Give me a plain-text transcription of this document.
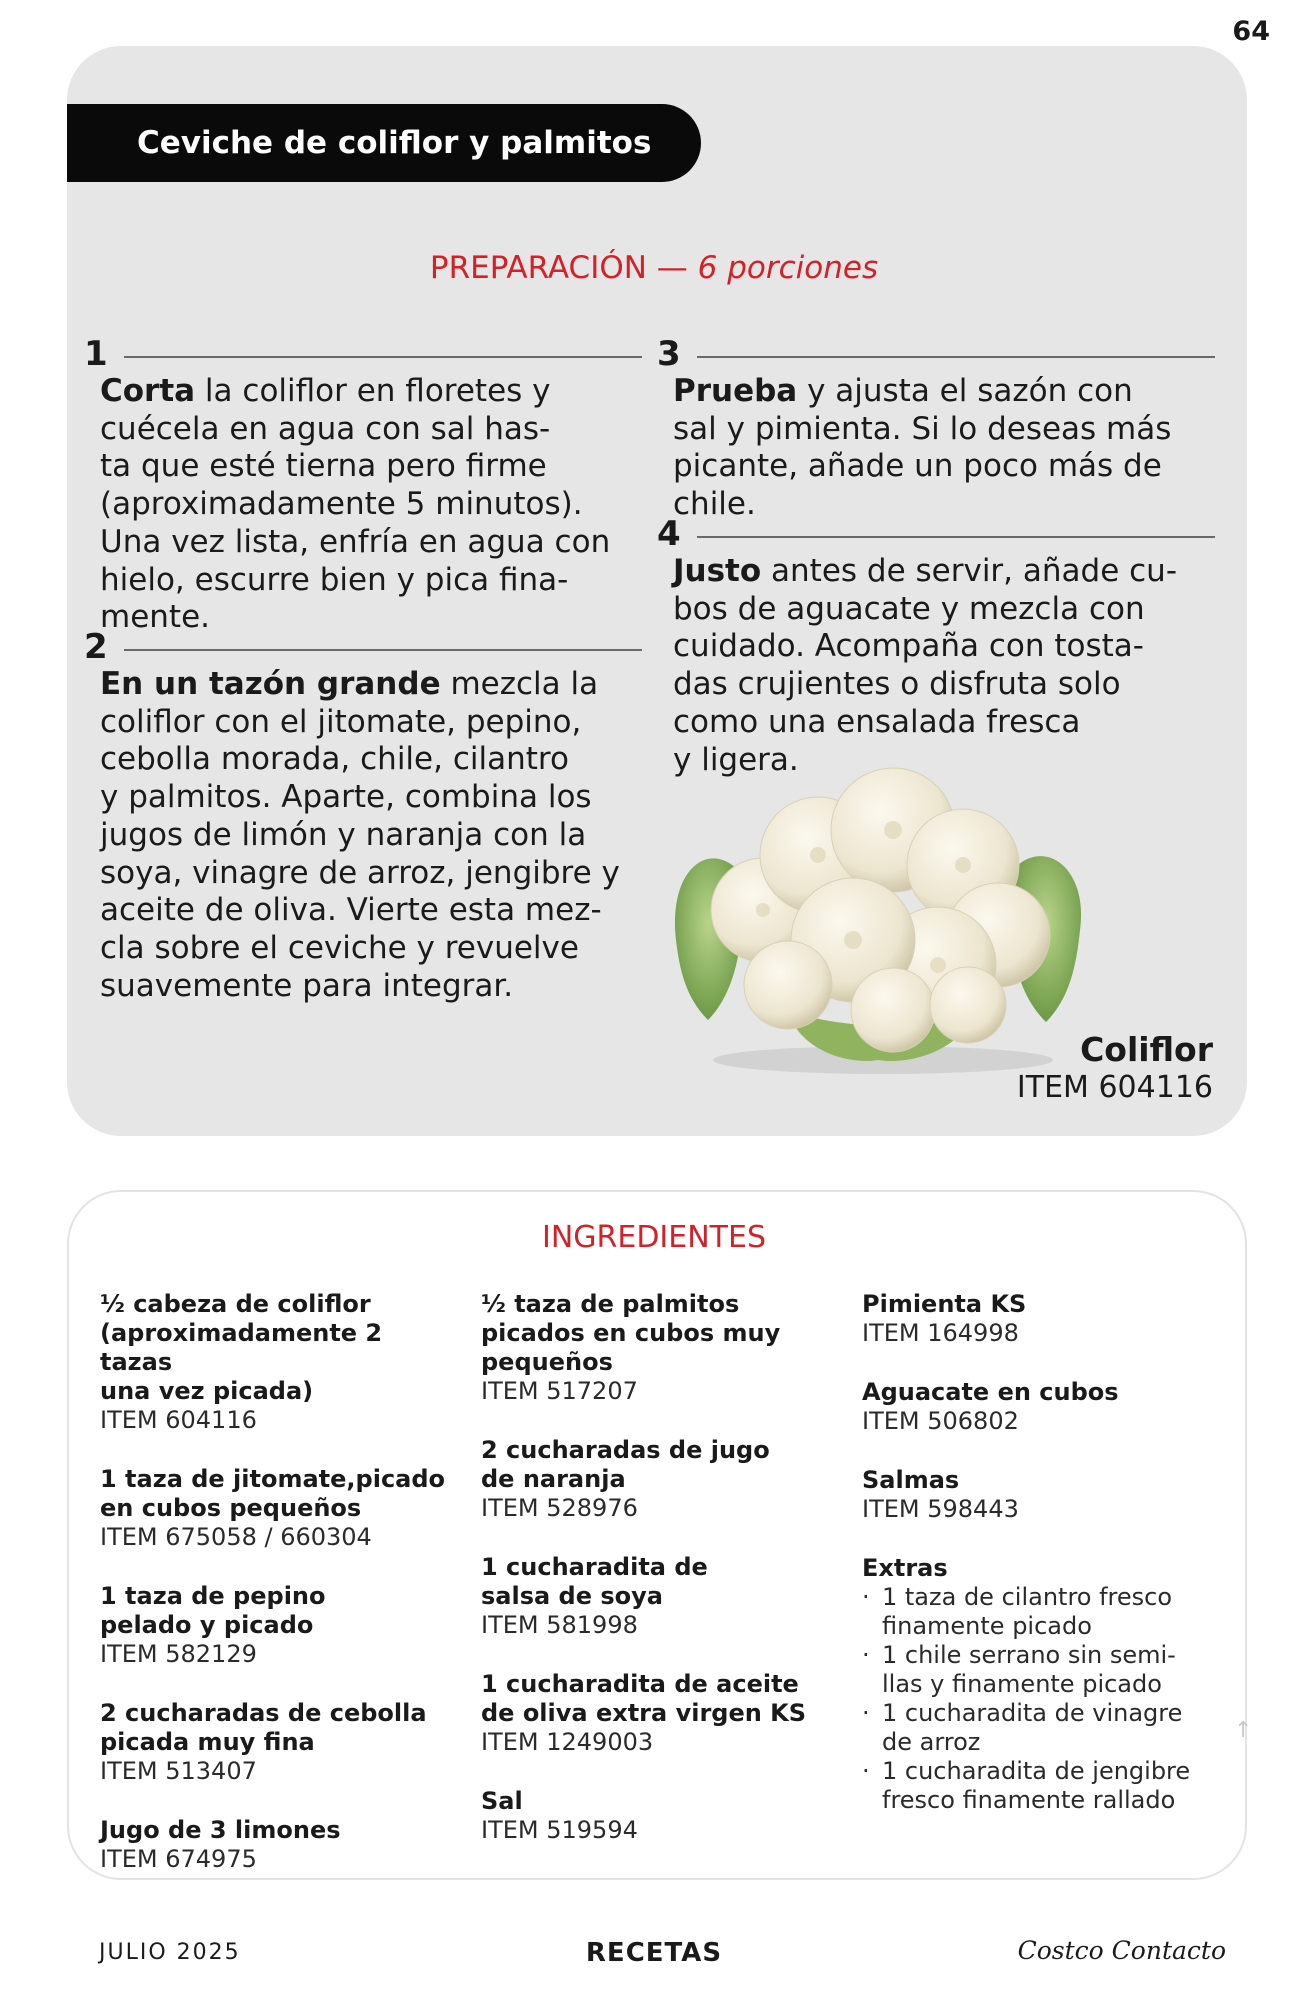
64
Ceviche de coliflor y palmitos
PREPARACIÓN — 6 porciones
1

Corta la coliflor en floretes y
cuécela en agua con sal has-
ta que esté tierna pero firme
(aproximadamente 5 minutos).
Una vez lista, enfría en agua con
hielo, escurre bien y pica fina-
mente.

2

En un tazón grande mezcla la
coliflor con el jitomate, pepino,
cebolla morada, chile, cilantro
y palmitos. Aparte, combina los
jugos de limón y naranja con la
soya, vinagre de arroz, jengibre y
aceite de oliva. Vierte esta mez-
cla sobre el ceviche y revuelve
suavemente para integrar.

3

Prueba y ajusta el sazón con
sal y pimienta. Si lo deseas más
picante, añade un poco más de
chile.

4

Justo antes de servir, añade cu-
bos de aguacate y mezcla con
cuidado. Acompaña con tosta-
das crujientes o disfruta solo
como una ensalada fresca
y ligera.

Coliflor
ITEM 604116
INGREDIENTES
½ cabeza de coliflor
(aproximadamente 2 tazas
una vez picada)
ITEM 604116
1 taza de jitomate,picado
en cubos pequeños
ITEM 675058 / 660304
1 taza de pepino
pelado y picado
ITEM 582129
2 cucharadas de cebolla
picada muy fina
ITEM 513407
Jugo de 3 limones
ITEM 674975
½ taza de palmitos
picados en cubos muy
pequeños
ITEM 517207
2 cucharadas de jugo
de naranja
ITEM 528976
1 cucharadita de
salsa de soya
ITEM 581998
1 cucharadita de aceite
de oliva extra virgen KS
ITEM 1249003
Sal
ITEM 519594
Pimienta KS
ITEM 164998
Aguacate en cubos
ITEM 506802
Salmas
ITEM 598443
Extras
· 1 taza de cilantro fresco
finamente picado
· 1 chile serrano sin semi-
llas y finamente picado
· 1 cucharadita de vinagre
de arroz
· 1 cucharadita de jengibre
fresco finamente rallado
↑
JULIO 2025	RECETAS	Costco Contacto
